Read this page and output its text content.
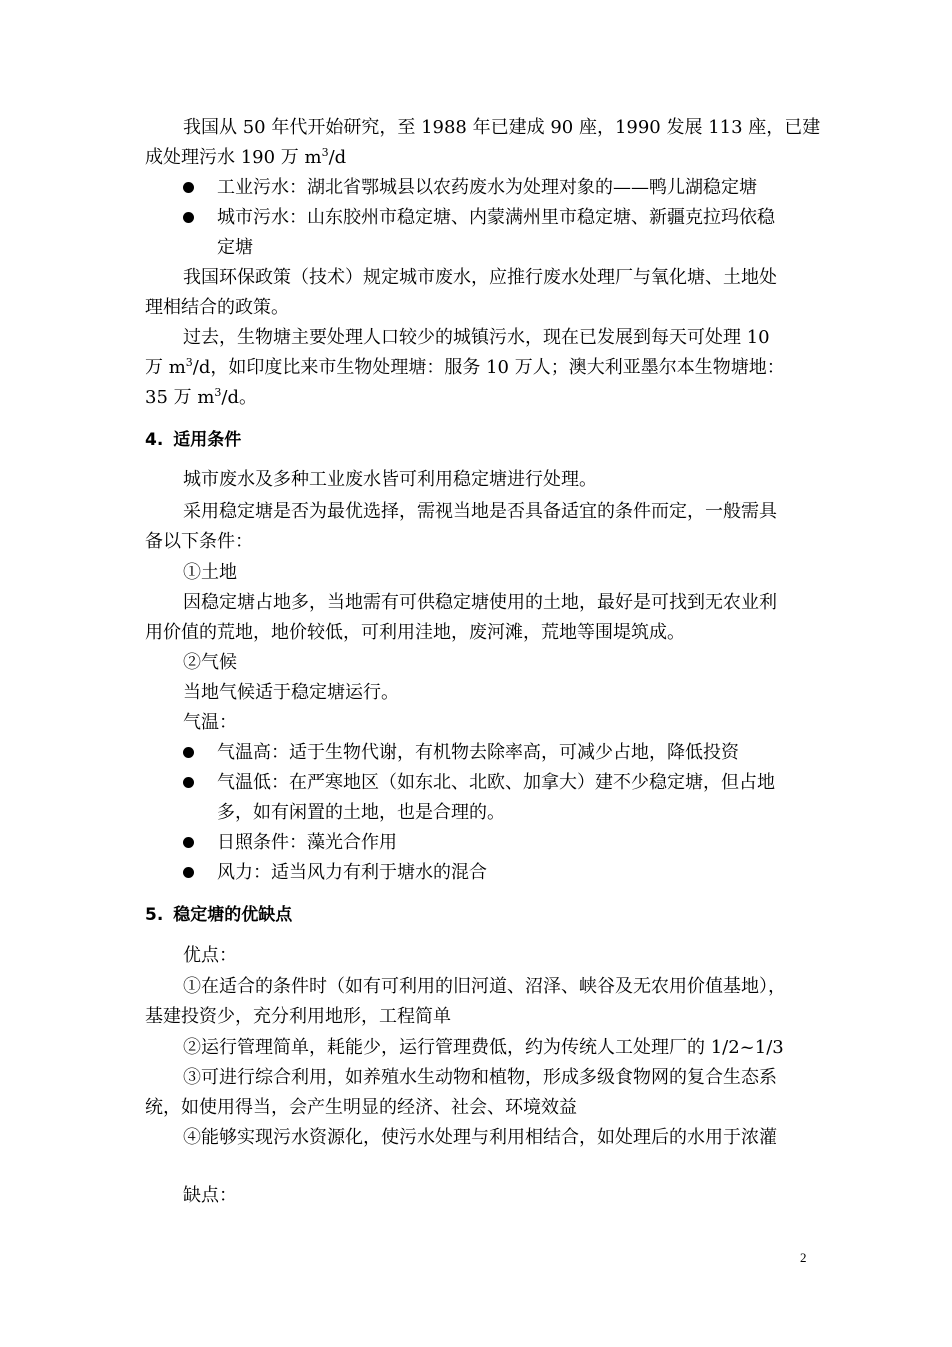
我国从 50 年代开始研究，至 1988 年已建成 90 座，1990 发展 113 座，已建
成处理污水 190 万 $m^3/d$
工业污水：湖北省鄂城县以农药废水为处理对象的——鸭儿湖稳定塘
城市污水：山东胶州市稳定塘、内蒙满州里市稳定塘、新疆克拉玛依稳
定塘
我国环保政策（技术）规定城市废水，应推行废水处理厂与氧化塘、土地处
理相结合的政策。
过去，生物塘主要处理人口较少的城镇污水，现在已发展到每天可处理 10
万 $m^3/d$，如印度比来市生物处理塘：服务 10 万人；澳大利亚墨尔本生物塘地：
35 万 $m^3/d$。
4. 适用条件
城市废水及多种工业废水皆可利用稳定塘进行处理。
采用稳定塘是否为最优选择，需视当地是否具备适宜的条件而定，一般需具
备以下条件：
①土地
因稳定塘占地多，当地需有可供稳定塘使用的土地，最好是可找到无农业利
用价值的荒地，地价较低，可利用洼地，废河滩，荒地等围堤筑成。
②气候
当地气候适于稳定塘运行。
气温：
气温高：适于生物代谢，有机物去除率高，可减少占地，降低投资
气温低：在严寒地区（如东北、北欧、加拿大）建不少稳定塘，但占地
多，如有闲置的土地，也是合理的。
日照条件：藻光合作用
风力：适当风力有利于塘水的混合
5. 稳定塘的优缺点
优点：
①在适合的条件时（如有可利用的旧河道、沼泽、峡谷及无农用价值基地），
基建投资少，充分利用地形，工程简单
②运行管理简单，耗能少，运行管理费低，约为传统人工处理厂的 1/2~1/3
③可进行综合利用，如养殖水生动物和植物，形成多级食物网的复合生态系
统，如使用得当，会产生明显的经济、社会、环境效益
④能够实现污水资源化，使污水处理与利用相结合，如处理后的水用于浓灌
缺点：
2
